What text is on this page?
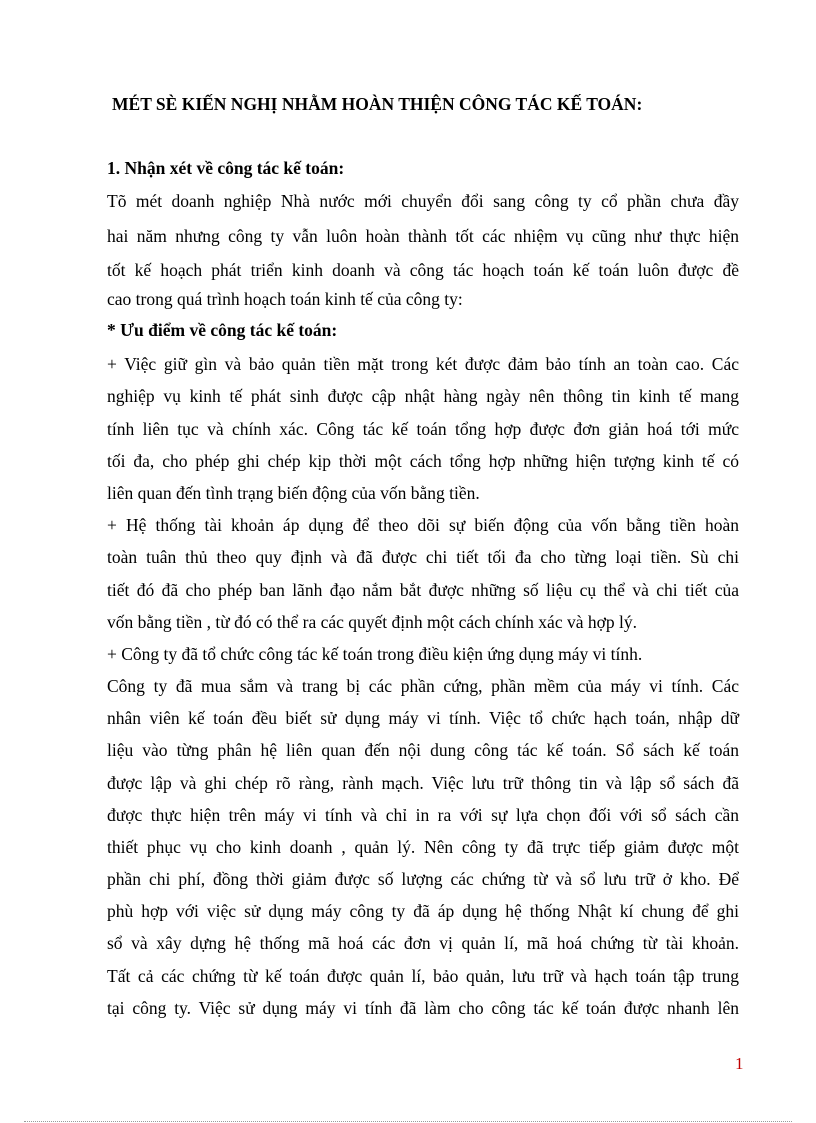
MÉT SÈ KIẾN NGHỊ NHẰM HOÀN THIỆN CÔNG TÁC KẾ TOÁN:
1. Nhận xét về công tác kế toán:
Tõ mét doanh nghiệp Nhà nước mới chuyển đổi sang công ty cổ phần chưa đầy
hai năm nhưng công ty vẫn luôn hoàn thành tốt các nhiệm vụ cũng như thực hiện
tốt kế hoạch phát triển kinh doanh và công tác hoạch toán kế toán luôn được đề
cao trong quá trình hoạch toán kinh tế của công ty:
* Ưu điểm về công tác kế toán:
+ Việc giữ gìn và bảo quản tiền mặt trong két được đảm bảo tính an toàn cao. Các
nghiệp vụ kinh tế phát sinh được cập nhật hàng ngày nên thông tin kinh tế mang
tính liên tục và chính xác. Công tác kế toán tổng hợp được đơn giản hoá tới mức
tối đa, cho phép ghi chép kịp thời một cách tổng hợp những hiện tượng kinh tế có
liên quan đến tình trạng biến động của vốn bằng tiền.
+ Hệ thống tài khoản áp dụng để theo dõi sự biến động của vốn bằng tiền hoàn
toàn tuân thủ theo quy định và đã được chi tiết tối đa cho từng loại tiền. Sù chi
tiết đó đã cho phép ban lãnh đạo nắm bắt được những số liệu cụ thể và chi tiết của
vốn bằng tiền , từ đó có thể ra các quyết định một cách chính xác và hợp lý.
+ Công ty đã tổ chức công tác kế toán trong điều kiện ứng dụng máy vi tính.
Công ty đã mua sắm và trang bị các phần cứng, phần mềm của máy vi tính. Các
nhân viên kế toán đều biết sử dụng máy vi tính. Việc tổ chức hạch toán, nhập dữ
liệu vào từng phân hệ liên quan đến nội dung công tác kế toán. Sổ sách kế toán
được lập và ghi chép rõ ràng, rành mạch. Việc lưu trữ thông tin và lập sổ sách đã
được thực hiện trên máy vi tính và chỉ in ra với sự lựa chọn đối với sổ sách cần
thiết phục vụ cho kinh doanh , quản lý. Nên công ty đã trực tiếp giảm được một
phần chi phí, đồng thời giảm được số lượng các chứng từ và sổ lưu trữ ở kho. Để
phù hợp với việc sử dụng máy công ty đã áp dụng hệ thống Nhật kí chung để ghi
sổ và xây dựng hệ thống mã hoá các đơn vị quản lí, mã hoá chứng từ tài khoản.
Tất cả các chứng từ kế toán được quản lí, bảo quản, lưu trữ và hạch toán tập trung
tại công ty. Việc sử dụng máy vi tính đã làm cho công tác kế toán được nhanh lên
1
